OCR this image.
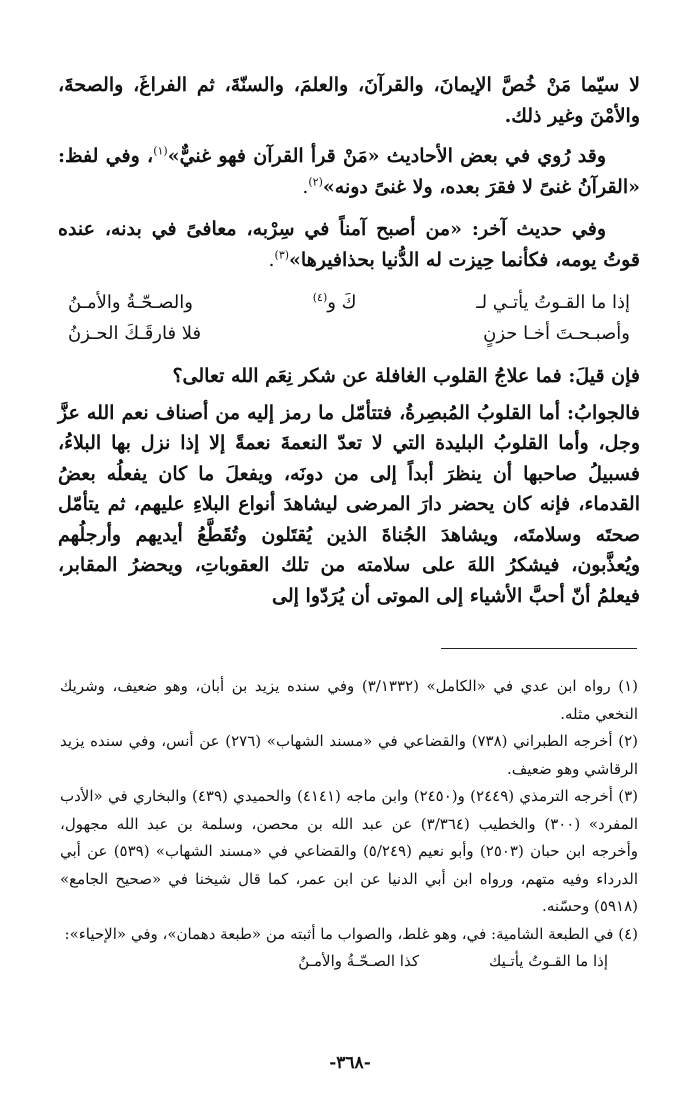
لا سيّما مَنْ خُصَّ الإيمانَ، والقرآنَ، والعلمَ، والسنّةَ، ثم الفراغَ، والصحةَ، والأمْنَ وغير ذلك.

وقد رُوي في بعض الأحاديث «مَنْ قرأ القرآن فهو غنيٌّ»$^{(١)}$، وفي لفظ: «القرآنُ غنىً لا فقرَ بعده، ولا غنىً دونه»$^{(٢)}$.

وفي حديث آخر: «من أصبح آمناً في سِرْبه، معافىً في بدنه، عنده قوتُ يومه، فكأنما حِيزت له الدُّنيا بحذافيرها»$^{(٣)}$.

إذا ما القـوتُ يأتـي لـ
كَ و$^{(٤)}$
والصـحّـةُ والأمـنُ
وأصبـحـتَ أخـا حزنٍ
فلا فارقَـكَ الحـزنُ

فإن قيلَ: فما علاجُ القلوب الغافلة عن شكر نِعَم الله تعالى؟

فالجوابُ: أما القلوبُ المُبصِرةُ، فتتأمّل ما رمز إليه من أصناف نعم الله عزَّ وجل، وأما القلوبُ البليدة التي لا تعدّ النعمةَ نعمةً إلا إذا نزل بها البلاءُ، فسبيلُ صاحبها أن ينظرَ أبداً إلى من دونَه، ويفعلَ ما كان يفعلُه بعضُ القدماء، فإنه كان يحضر دارَ المرضى ليشاهدَ أنواع البلاءِ عليهم، ثم يتأمّل صحتَه وسلامتَه، ويشاهدَ الجُناةَ الذين يُقتَلون وتُقَطَّعُ أيديهم وأرجلُهم ويُعذَّبون، فيشكرُ اللهَ على سلامته من تلك العقوباتِ، ويحضرُ المقابر، فيعلمُ أنّ أحبَّ الأشياء إلى الموتى أن يُرَدّوا إلى

(١) رواه ابن عدي في «الكامل» (٣/١٣٣٢) وفي سنده يزيد بن أبان، وهو ضعيف، وشريك النخعي مثله.

(٢) أخرجه الطبراني (٧٣٨) والقضاعي في «مسند الشهاب» (٢٧٦) عن أنس، وفي سنده يزيد الرقاشي وهو ضعيف.

(٣) أخرجه الترمذي (٢٤٤٩) و(٢٤٥٠) وابن ماجه (٤١٤١) والحميدي (٤٣٩) والبخاري في «الأدب المفرد» (٣٠٠) والخطيب (٣/٣٦٤) عن عبد الله بن محصن، وسلمة بن عبد الله مجهول، وأخرجه ابن حبان (٢٥٠٣) وأبو نعيم (٥/٢٤٩) والقضاعي في «مسند الشهاب» (٥٣٩) عن أبي الدرداء وفيه متهم، ورواه ابن أبي الدنيا عن ابن عمر، كما قال شيخنا في «صحيح الجامع» (٥٩١٨) وحسّنه.

(٤) في الطبعة الشامية: في، وهو غلط، والصواب ما أثبته من «طبعة دهمان»، وفي «الإحياء»:

إذا ما القـوتُ يأتـيك
كذا الصـحّـةُ والأمـنُ
-٣٦٨-
